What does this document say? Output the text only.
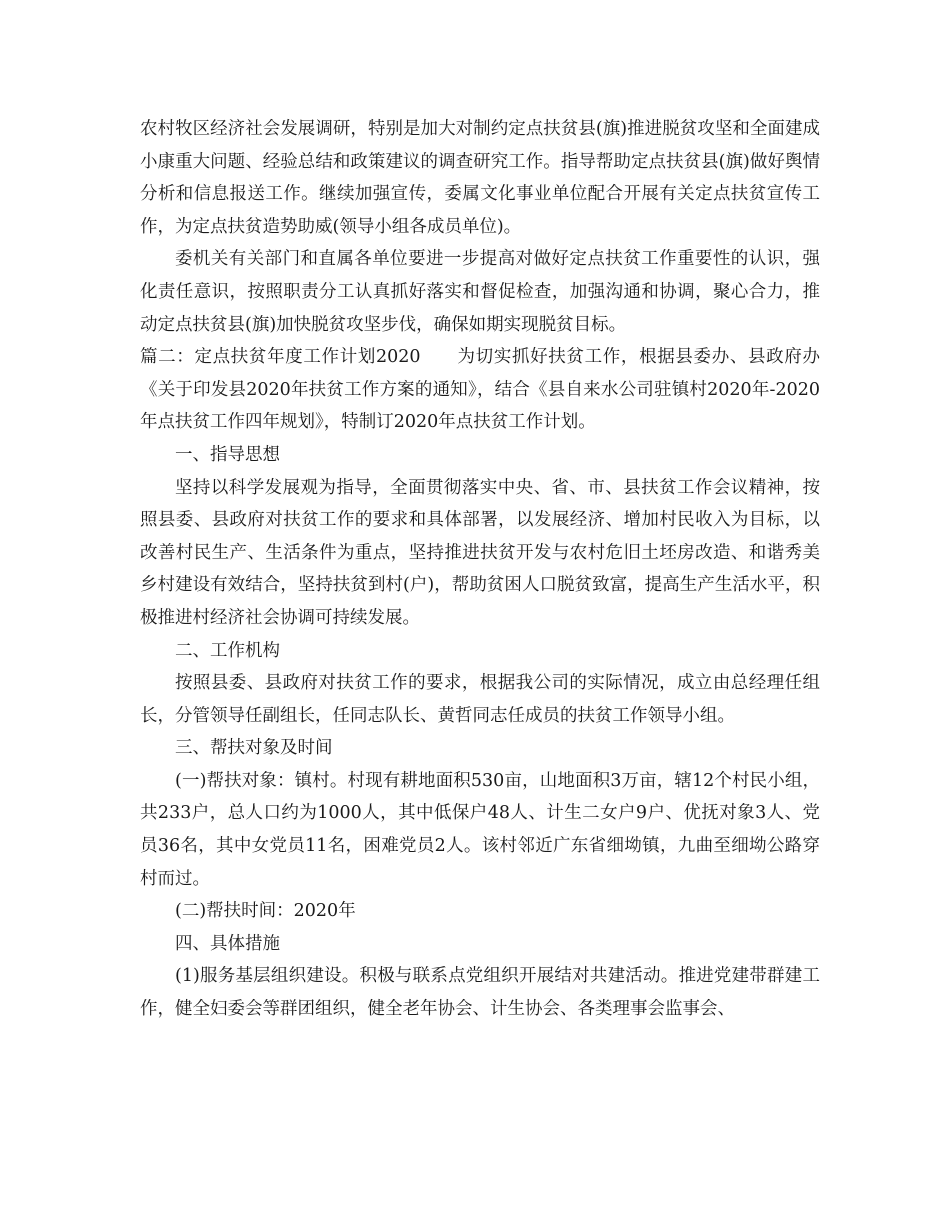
农村牧区经济社会发展调研，特别是加大对制约定点扶贫县(旗)推进脱贫攻坚和全面建成小康重大问题、经验总结和政策建议的调查研究工作。指导帮助定点扶贫县(旗)做好舆情分析和信息报送工作。继续加强宣传，委属文化事业单位配合开展有关定点扶贫宣传工作，为定点扶贫造势助威(领导小组各成员单位)。

委机关有关部门和直属各单位要进一步提高对做好定点扶贫工作重要性的认识，强化责任意识，按照职责分工认真抓好落实和督促检查，加强沟通和协调，聚心合力，推动定点扶贫县(旗)加快脱贫攻坚步伐，确保如期实现脱贫目标。

篇二：定点扶贫年度工作计划2020　　为切实抓好扶贫工作，根据县委办、县政府办《关于印发县2020年扶贫工作方案的通知》，结合《县自来水公司驻镇村2020年-2020年点扶贫工作四年规划》，特制订2020年点扶贫工作计划。

一、指导思想

坚持以科学发展观为指导，全面贯彻落实中央、省、市、县扶贫工作会议精神，按照县委、县政府对扶贫工作的要求和具体部署，以发展经济、增加村民收入为目标，以改善村民生产、生活条件为重点，坚持推进扶贫开发与农村危旧土坯房改造、和谐秀美乡村建设有效结合，坚持扶贫到村(户)，帮助贫困人口脱贫致富，提高生产生活水平，积极推进村经济社会协调可持续发展。

二、工作机构

按照县委、县政府对扶贫工作的要求，根据我公司的实际情况，成立由总经理任组长，分管领导任副组长，任同志队长、黄哲同志任成员的扶贫工作领导小组。

三、帮扶对象及时间

(一)帮扶对象：镇村。村现有耕地面积530亩，山地面积3万亩，辖12个村民小组，共233户，总人口约为1000人，其中低保户48人、计生二女户9户、优抚对象3人、党员36名，其中女党员11名，困难党员2人。该村邻近广东省细坳镇，九曲至细坳公路穿村而过。

(二)帮扶时间：2020年

四、具体措施

(1)服务基层组织建设。积极与联系点党组织开展结对共建活动。推进党建带群建工作，健全妇委会等群团组织，健全老年协会、计生协会、各类理事会监事会、
